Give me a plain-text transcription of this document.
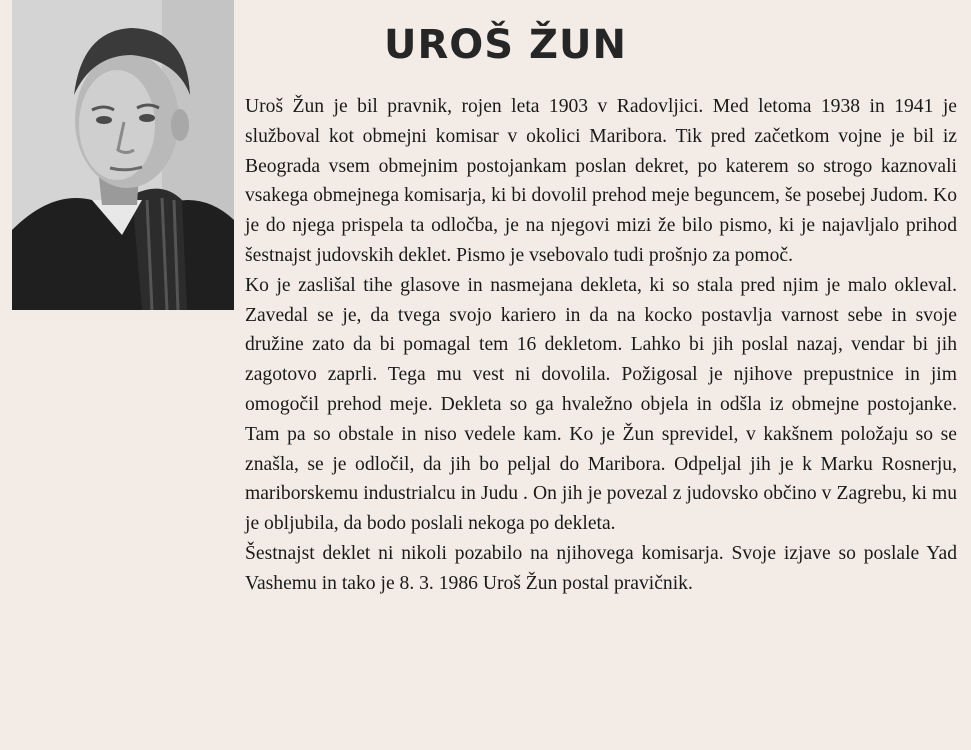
UROŠ ŽUN

Uroš Žun je bil pravnik, rojen leta 1903 v Radovljici. Med letoma 1938 in 1941 je služboval kot obmejni komisar v okolici Maribora. Tik pred začetkom vojne je bil iz Beograda vsem obmejnim postojankam poslan dekret, po katerem so strogo kaznovali vsakega obmejnega komisarja, ki bi dovolil prehod meje beguncem, še posebej Judom. Ko je do njega prispela ta odločba, je na njegovi mizi že bilo pismo, ki je najavljalo prihod šestnajst judovskih deklet. Pismo je vsebovalo tudi prošnjo za pomoč.

Ko je zaslišal tihe glasove in nasmejana dekleta, ki so stala pred njim je malo okleval. Zavedal se je, da tvega svojo kariero in da na kocko postavlja varnost sebe in svoje družine zato da bi pomagal tem 16 dekletom. Lahko bi jih poslal nazaj, vendar bi jih zagotovo zaprli. Tega mu vest ni dovolila. Požigosal je njihove prepustnice in jim omogočil prehod meje. Dekleta so ga hvaležno objela in odšla iz obmejne postojanke. Tam pa so obstale in niso vedele kam. Ko je Žun sprevidel, v kakšnem položaju so se znašla, se je odločil, da jih bo peljal do Maribora. Odpeljal jih je k Marku Rosnerju, mariborskemu industrialcu in Judu . On jih je povezal z judovsko občino v Zagrebu, ki mu je obljubila, da bodo poslali nekoga po dekleta.

Šestnajst deklet ni nikoli pozabilo na njihovega komisarja. Svoje izjave so poslale Yad Vashemu in tako je 8. 3. 1986 Uroš Žun postal pravičnik.
